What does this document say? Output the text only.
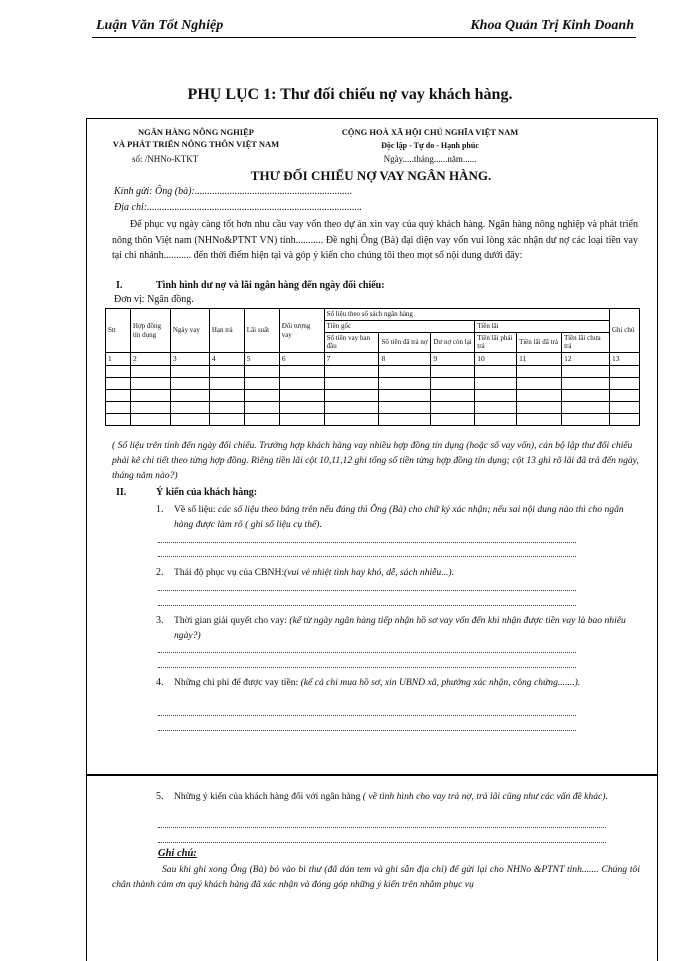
Luận Văn Tốt Nghiệp	Khoa Quản Trị Kinh Doanh
PHỤ LỤC 1: Thư đối chiếu nợ vay khách hàng.
NGÂN HÀNG NÔNG NGHIỆP
VÀ PHÁT TRIỂN NÔNG THÔN VIỆT NAM
số: /NHNo-KTKT
CỘNG HOÀ XÃ HỘI CHỦ NGHĨA VIỆT NAM
Độc lập - Tự do - Hạnh phúc
Ngày.....tháng......năm......
THƯ ĐỐI CHIẾU NỢ VAY NGÂN HÀNG.
Kính gửi: Ông (bà):...............................................................
Địa chỉ:......................................................................................
Để phục vụ ngày càng tốt hơn nhu cầu vay vốn theo dự án xin vay của quý khách hàng. Ngân hàng nông nghiệp và phát triển nông thôn Việt nam (NHNo&PTNT VN) tỉnh........... Đề nghị Ông (Bà) đại diện vay vốn vui lòng xác nhận dư nợ các loại tiền vay tại chi nhánh........... đến thời điểm hiện tại và góp ý kiến cho chúng tôi theo mọt số nội dung dưới đây:
I.	Tình hình dư nợ và lãi ngân hàng đến ngày đối chiếu:
Đơn vị: Ngân đồng.
Stt	Hợp đồng tín dụng	Ngày vay	Hạn trả	Lãi suất	Đối tượng vay	Số liệu theo sổ sách ngân hàng						Ghi chú
						Tiền gốc			Tiền lãi			
						Số tiền vay ban đầu	Số tiền đã trả nợ	Dư nợ còn lại	Tiền lãi phải trả	Tiền lãi đã trả	Tiền lãi chưa trả	
1	2	3	4	5	6	7	8	9	10	11	12	13

( Số liệu trên tính đến ngày đối chiếu. Trường hợp khách hàng vay nhiều hợp đồng tín dụng (hoặc số vay vốn), cán bộ lập thư đối chiếu phải kê chi tiết theo từng hợp đồng. Riêng tiền lãi cột 10,11,12 ghi tổng số tiền từng hợp đồng tín dụng; cột 13 ghi rõ lãi đã trả đến ngày, tháng năm nào?)
II.	Ý kiến của khách hàng:
1. Về số liệu: các số liệu theo bảng trên nếu đúng thì Ông (Bà) cho chữ ký xác nhận; nếu sai nội dung nào thì cho ngân hàng được làm rõ ( ghi số liệu cụ thể).
2. Thái độ phục vụ của CBNH:(vui vẻ nhiệt tình hay khó, dễ, sách nhiễu...).
3. Thời gian giải quyết cho vay: (kể từ ngày ngân hàng tiếp nhận hồ sơ vay vốn đến khi nhận được tiền vay là bao nhiêu ngày?)
4. Những chi phí để được vay tiền: (kể cả chi mua hồ sơ, xin UBND xã, phường xác nhận, công chứng.......).
5. Những ý kiến của khách hàng đối với ngân hàng ( về tình hình cho vay trả nợ, trả lãi cũng như các vấn đề khác).
Ghi chú:
Sau khi ghi xong Ông (Bà) bỏ vào bì thư (đã dán tem và ghi sẵn địa chỉ) để gửi lại cho NHNo &PTNT tỉnh....... Chúng tôi chân thành cám ơn quý khách hàng đã xác nhận và đóng góp những ý kiến trên nhằm phục vụ
